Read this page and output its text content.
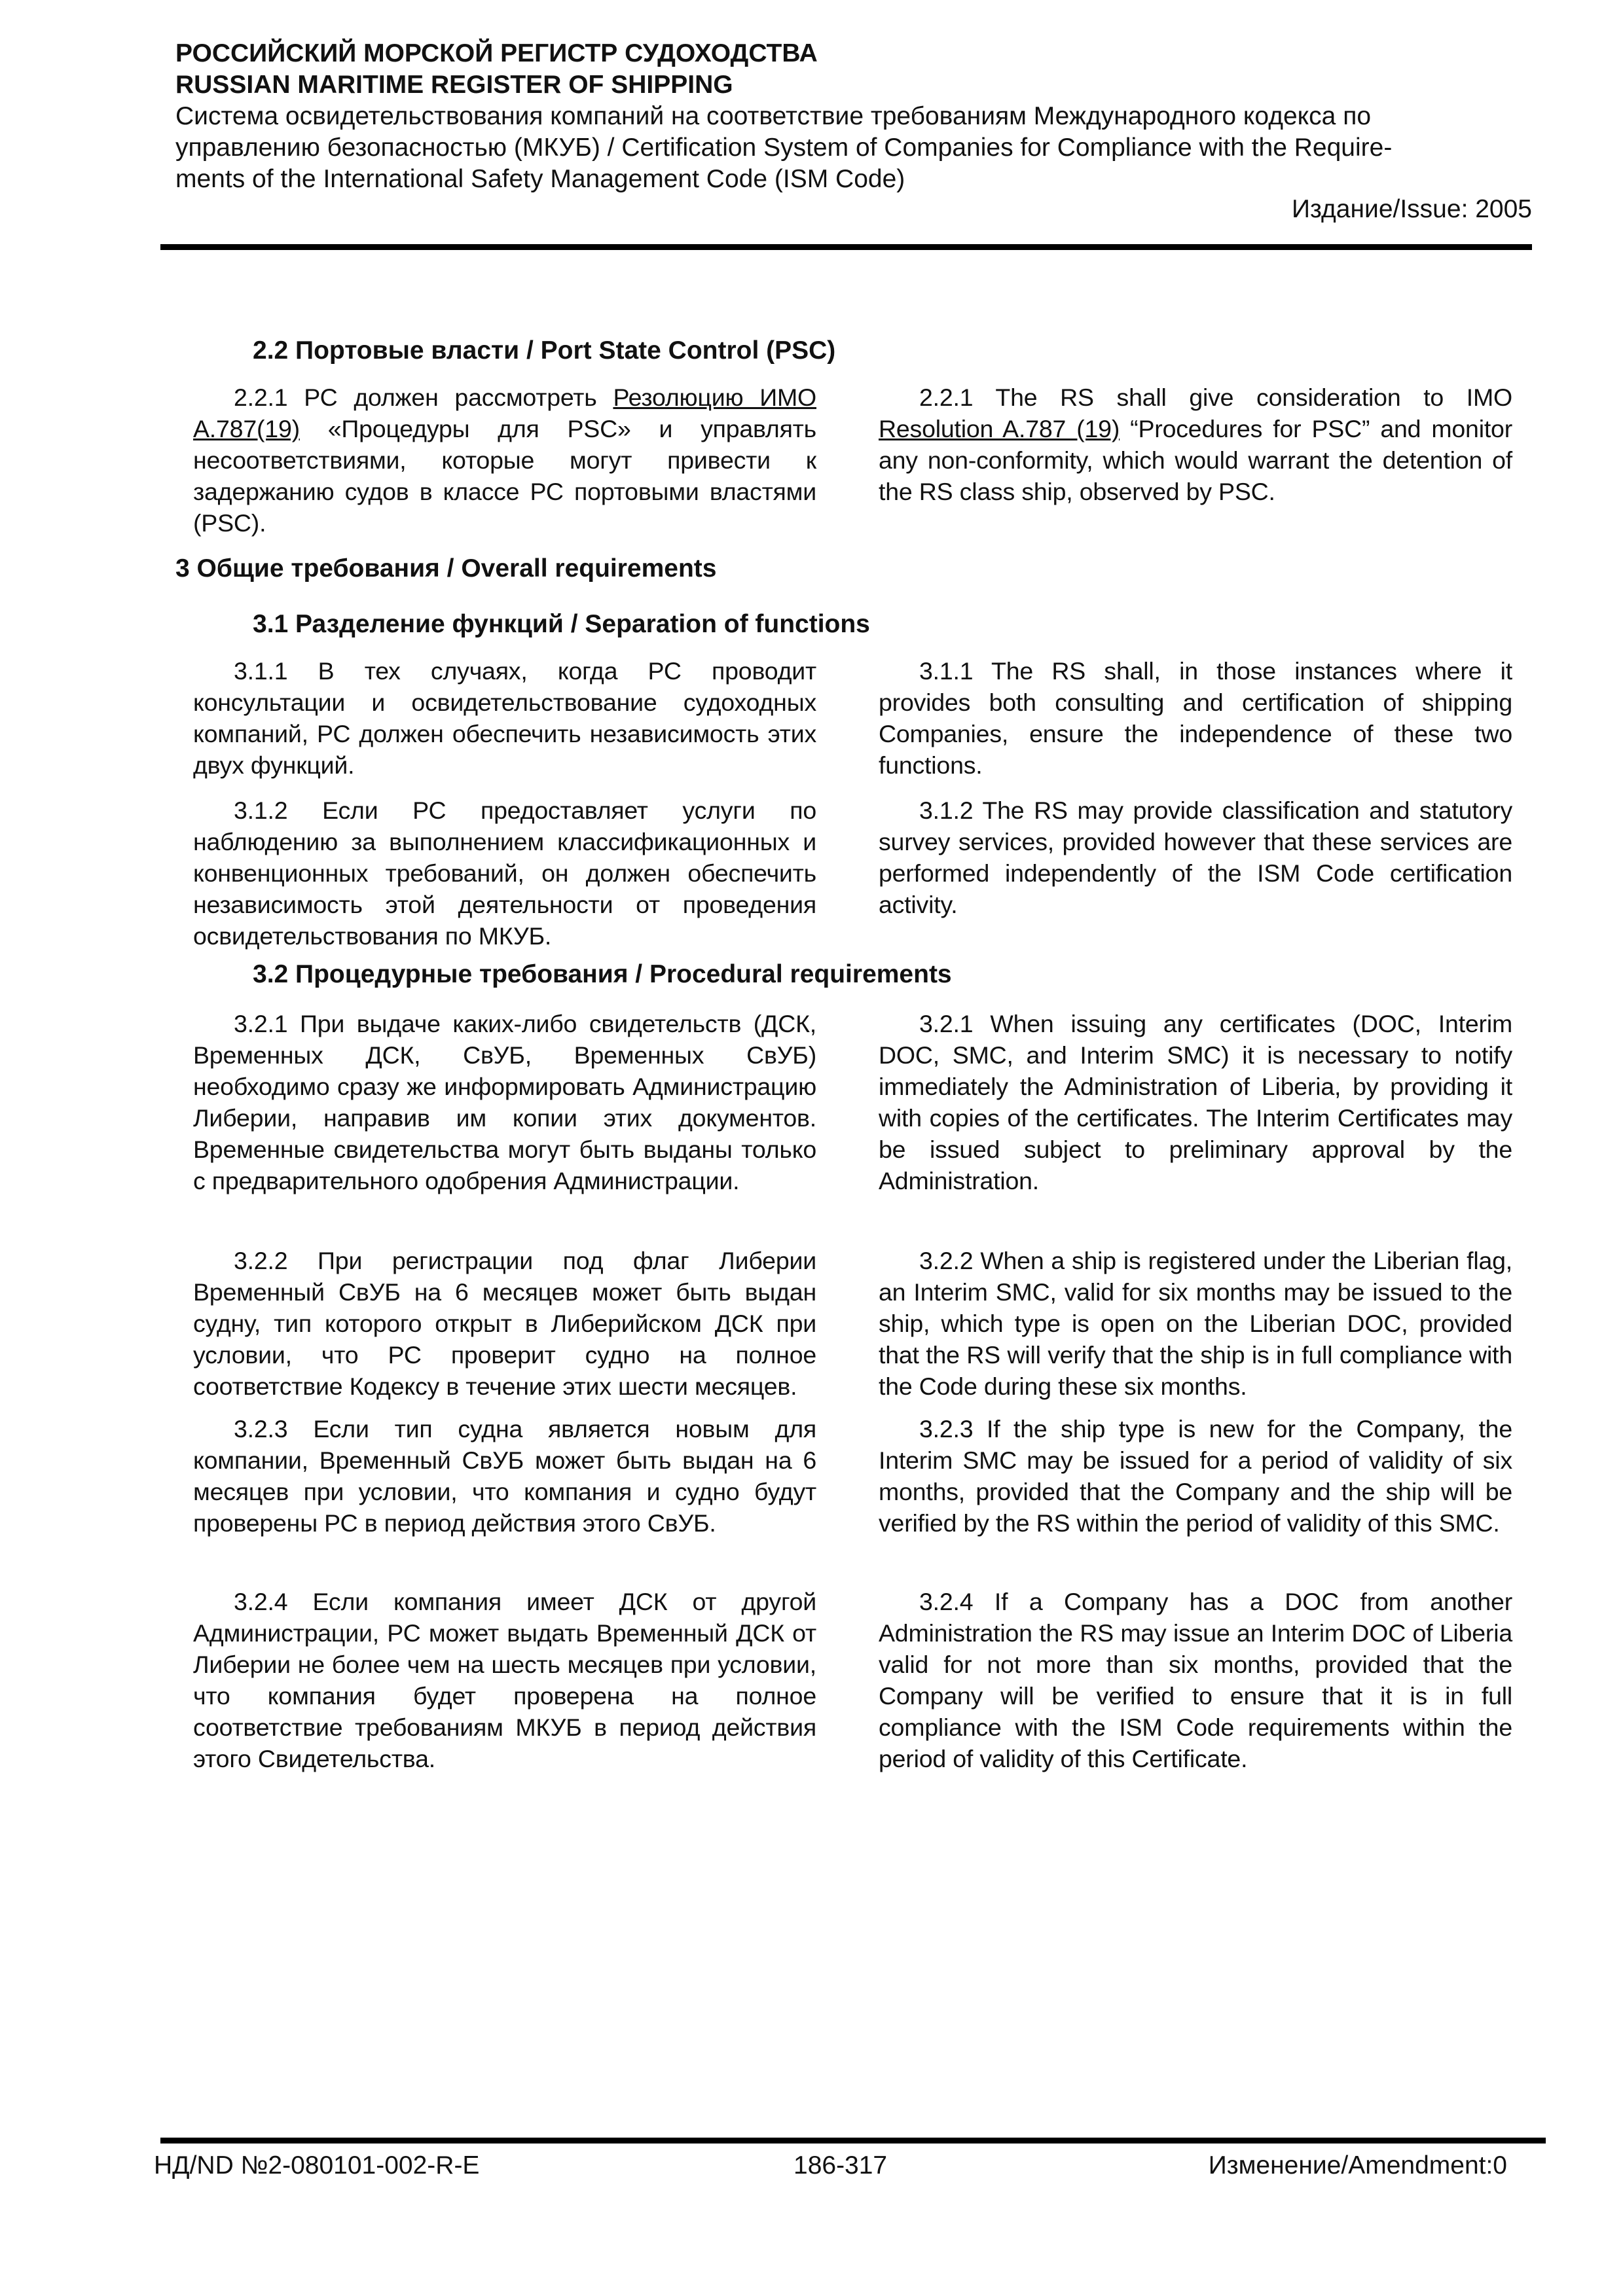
РОССИЙСКИЙ МОРСКОЙ РЕГИСТР СУДОХОДСТВА

RUSSIAN MARITIME REGISTER OF SHIPPING

Система освидетельствования компаний на соответствие требованиям Международного кодекса по

управлению безопасностью (МКУБ) / Certification System of Companies for Compliance with the Require-

ments of the International Safety Management Code (ISM Code)

Издание/Issue: 2005

2.2 Портовые власти / Port State Control (PSC)

2.2.1 РС должен рассмотреть Резолюцию ИМО А.787(19) «Процедуры для PSC» и управлять несоответствиями, которые могут привести к задержанию судов в классе РС портовыми властями (PSC).

2.2.1 The RS shall give consideration to IMO Resolution A.787 (19) “Procedures for PSC” and monitor any non-conformity, which would warrant the detention of the RS class ship, observed by PSC.

3 Общие требования / Overall requirements

3.1 Разделение функций / Separation of functions

3.1.1 В тех случаях, когда РС проводит консультации и освидетельствование судоходных компаний, РС должен обеспечить независимость этих двух функций.

3.1.1 The RS shall, in those instances where it provides both consulting and certification of shipping Companies, ensure the independence of these two functions.

3.1.2 Если РС предоставляет услуги по наблюдению за выполнением классификационных и конвенционных требований, он должен обеспечить независимость этой деятельности от проведения освидетельствования по МКУБ.

3.1.2 The RS may provide classification and statutory survey services, provided however that these services are performed independently of the ISM Code certification activity.

3.2 Процедурные требования / Procedural requirements

3.2.1 При выдаче каких-либо свидетельств (ДСК, Временных ДСК, СвУБ, Временных СвУБ) необходимо сразу же информировать Администрацию Либерии, направив им копии этих документов. Временные свидетельства могут быть выданы только с предварительного одобрения Администрации.

3.2.1 When issuing any certificates (DOC, Interim DOC, SMC, and Interim SMC) it is necessary to notify immediately the Administration of Liberia, by providing it with copies of the certificates. The Interim Certificates may be issued subject to preliminary approval by the Administration.

3.2.2 При регистрации под флаг Либерии Временный СвУБ на 6 месяцев может быть выдан судну, тип которого открыт в Либерийском ДСК при условии, что РС проверит судно на полное соответствие Кодексу в течение этих шести месяцев.

3.2.2 When a ship is registered under the Liberian flag, an Interim SMC, valid for six months may be issued to the ship, which type is open on the Liberian DOC, provided that the RS will verify that the ship is in full compliance with the Code during these six months.

3.2.3 Если тип судна является новым для компании, Временный СвУБ может быть выдан на 6 месяцев при условии, что компания и судно будут проверены РС в период действия этого СвУБ.

3.2.3 If the ship type is new for the Company, the Interim SMC may be issued for a period of validity of six months, provided that the Company and the ship will be verified by the RS within the period of validity of this SMC.

3.2.4 Если компания имеет ДСК от другой Администрации, РС может выдать Временный ДСК от Либерии не более чем на шесть месяцев при условии, что компания будет проверена на полное соответствие требованиям МКУБ в период действия этого Свидетельства.

3.2.4 If a Company has a DOC from another Administration the RS may issue an Interim DOC of Liberia valid for not more than six months, provided that the Company will be verified to ensure that it is in full compliance with the ISM Code requirements within the period of validity of this Certificate.

НД/ND №2-080101-002-R-E	186-317	Изменение/Amendment:0
